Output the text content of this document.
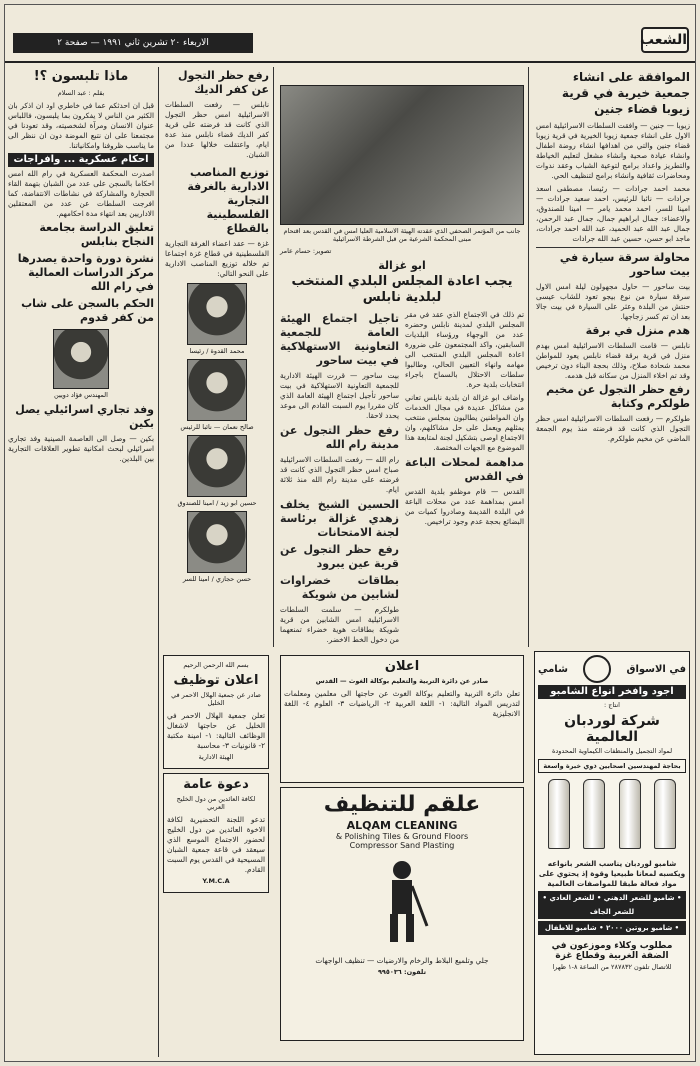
الشعب
الاربعاء ٢٠ تشرين ثاني ١٩٩١ — صفحة ٢
الموافقة على انشاء جمعية خيرية في قرية زيوبا قضاء جنين

زيوبا — جنين — وافقت السلطات الاسرائيلية امس الاول على انشاء جمعية زيوبا الخيرية في قرية زيوبا قضاء جنين والتي من اهدافها انشاء روضة اطفال وانشاء عيادة صحية وانشاء مشغل لتعليم الخياطة والتطريز واعداد برامج لتوعية الشباب وعقد ندوات ومحاضرات ثقافية وانشاء برامج لتنظيف الحي.

محمد احمد جرادات — رئيسا، مصطفى اسعد جرادات — نائبا للرئيس، احمد سعيد جرادات — امينا للسر، احمد محمد يامر — امينا للصندوق، والاعضاء: جمال ابراهيم جمال، جمال عبد الرحمن، جمال عبد الله عبد الحميد، عبد الله احمد جرادات، ماجد ابو حسن، حسين عبد الله جرادات

محاولة سرقة سيارة في بيت ساحور
بيت ساحور — حاول مجهولون ليلة امس الاول سرقة سيارة من نوع بيجو تعود للشاب عيسى حنتش من البلدة وعثر على السيارة في بيت جالا بعد ان تم كسر زجاجها.
هدم منزل في برقة
نابلس — قامت السلطات الاسرائيلية امس بهدم منزل في قرية برقة قضاء نابلس يعود للمواطن محمد شحادة صلاح، وذلك بحجة البناء دون ترخيص وقد تم اخلاء المنزل من سكانه قبل هدمه.
رفع حظر التجول عن مخيم طولكرم وكتابة
طولكرم — رفعت السلطات الاسرائيلية امس حظر التجول الذي كانت قد فرضته منذ يوم الجمعة الماضي عن مخيم طولكرم.
جانب من المؤتمر الصحفي الذي عقدته الهيئة الاسلامية العليا امس في القدس بعد اقتحام مبنى المحكمة الشرعية من قبل الشرطة الاسرائيلية
تصوير: حسام عامر
ابو غزالة
يجب اعادة المجلس البلدي المنتخب لبلدية نابلس

تم ذلك في الاجتماع الذي عقد في مقر المجلس البلدي لمدينة نابلس وحضره عدد من الوجهاء ورؤساء البلديات السابقين، واكد المجتمعون على ضرورة اعادة المجلس البلدي المنتخب الى مهامه وانهاء التعيين الحالي، وطالبوا سلطات الاحتلال بالسماح باجراء انتخابات بلدية حرة.

واضاف ابو غزالة ان بلدية نابلس تعاني من مشاكل عديدة في مجال الخدمات وان المواطنين يطالبون بمجلس منتخب يمثلهم ويعمل على حل مشاكلهم، وان الاجتماع اوصى بتشكيل لجنة لمتابعة هذا الموضوع مع الجهات المختصة.

مداهمة لمحلات الباعة في القدس

القدس — قام موظفو بلدية القدس امس بمداهمة عدد من محلات الباعة في البلدة القديمة وصادروا كميات من البضائع بحجة عدم وجود تراخيص.

تاجيل اجتماع الهيئة العامة للجمعية التعاونية الاستهلاكية في بيت ساحور

بيت ساحور — قررت الهيئة الادارية للجمعية التعاونية الاستهلاكية في بيت ساحور تأجيل اجتماع الهيئة العامة الذي كان مقررا يوم السبت القادم الى موعد يحدد لاحقا.

رفع حظر التجول عن مدينة رام الله

رام الله — رفعت السلطات الاسرائيلية صباح امس حظر التجول الذي كانت قد فرضته على مدينة رام الله منذ ثلاثة ايام.

الحسين الشيخ يخلف زهدي غزالة برئاسة لجنة الامتحانات
رفع حظر التجول عن قرية عين يبرود
بطاقات خضراوات لشابين من شويكة

طولكرم — سلمت السلطات الاسرائيلية امس الشابين من قرية شويكة بطاقات هوية خضراء تمنعهما من دخول الخط الاخضر.

رفع حظر التجول عن كفر الديك
نابلس — رفعت السلطات الاسرائيلية امس حظر التجول الذي كانت قد فرضته على قرية كفر الديك قضاء نابلس منذ عدة ايام، واعتقلت خلالها عددا من الشبان.
توزيع المناصب الادارية بالغرفة التجارية الفلسطينية بالقطاع
غزة — عقد اعضاء الغرفة التجارية الفلسطينية في قطاع غزة اجتماعا تم خلاله توزيع المناصب الادارية على النحو التالي:
محمد القدوة / رئيسا
صالح نعمان — نائبا للرئيس
حسين ابو زيد / امينا للصندوق
حسن حجازي / امينا للسر
ماذا تلبسون ؟!
بقلم : عبد السلام
قبل ان احدثكم عما في خاطري اود ان اذكر بان الكثير من الناس لا يفكرون بما يلبسون، فاللباس عنوان الانسان ومرآة لشخصيته، وقد تعودنا في مجتمعنا على ان نتبع الموضة دون ان ننظر الى ما يناسب ظروفنا وامكانياتنا.
احكام عسكرية ... وافراجات
اصدرت المحكمة العسكرية في رام الله امس احكاما بالسجن على عدد من الشبان بتهمة القاء الحجارة والمشاركة في نشاطات الانتفاضة، كما افرجت السلطات عن عدد من المعتقلين الاداريين بعد انتهاء مدة احكامهم.
تعليق الدراسة بجامعة النجاح بنابلس
نشرة دورة واحدة يصدرها مركز الدراسات العمالية في رام الله
الحكم بالسجن على شاب من كفر قدوم
المهندس فؤاد دويين
وفد تجاري اسرائيلي يصل بكين
بكين — وصل الى العاصمة الصينية وفد تجاري اسرائيلي لبحث امكانية تطوير العلاقات التجارية بين البلدين.
بسم الله الرحمن الرحيم
اعلان توظيف
صادر عن جمعية الهلال الاحمر في الخليل
تعلن جمعية الهلال الاحمر في الخليل عن حاجتها لاشغال الوظائف التالية: ١- امينة مكتبة ٢- قانونيات ٣- محاسبة
الهيئة الادارية
دعوة عامة
لكافة العائدين من دول الخليج العربي
تدعو اللجنة التحضيرية لكافة الاخوة العائدين من دول الخليج لحضور الاجتماع الموسع الذي سيعقد في قاعة جمعية الشبان المسيحية في القدس يوم السبت القادم.
Y.M.C.A
اعلان
صادر عن دائرة التربية والتعليم بوكالة الغوث — القدس
تعلن دائرة التربية والتعليم بوكالة الغوث عن حاجتها الى معلمين ومعلمات لتدريس المواد التالية: ١- اللغة العربية ٢- الرياضيات ٣- العلوم ٤- اللغة الانجليزية
علقم للتنظيف
ALQAM CLEANING
& Polishing Tiles & Ground Floors
Compressor Sand Plasting
جلي وتلميع البلاط والرخام والارضيات — تنظيف الواجهات
تلفون: ٩٩٥٠٣٦
في الاسواق
شامي
اجود وافخر انواع الشامبو
انتاج :
شركة لوردبان العالمية
لمواد التجميل والمنظفات الكيماوية المحدودة
بحاجة لمهندسين اصحابين ذوي خبرة واسعة

شامبو لوردبان يناسب الشعر بانواعه ويكسبه لمعانا طبيعيا وقوة إذ يحتوي على مواد فعالة طبقا للمواصفات العالمية
• شامبو للشعر الدهني • للشعر العادي • للشعر الجاف
• شامبو بروتين ٢٠٠٠ • شامبو للاطفال
مطلوب وكلاء وموزعون في الضفة الغربية وقطاع غزة
للاتصال تلفون ٢٨٧٨٣٢ من الساعة ٨-١ ظهرا
